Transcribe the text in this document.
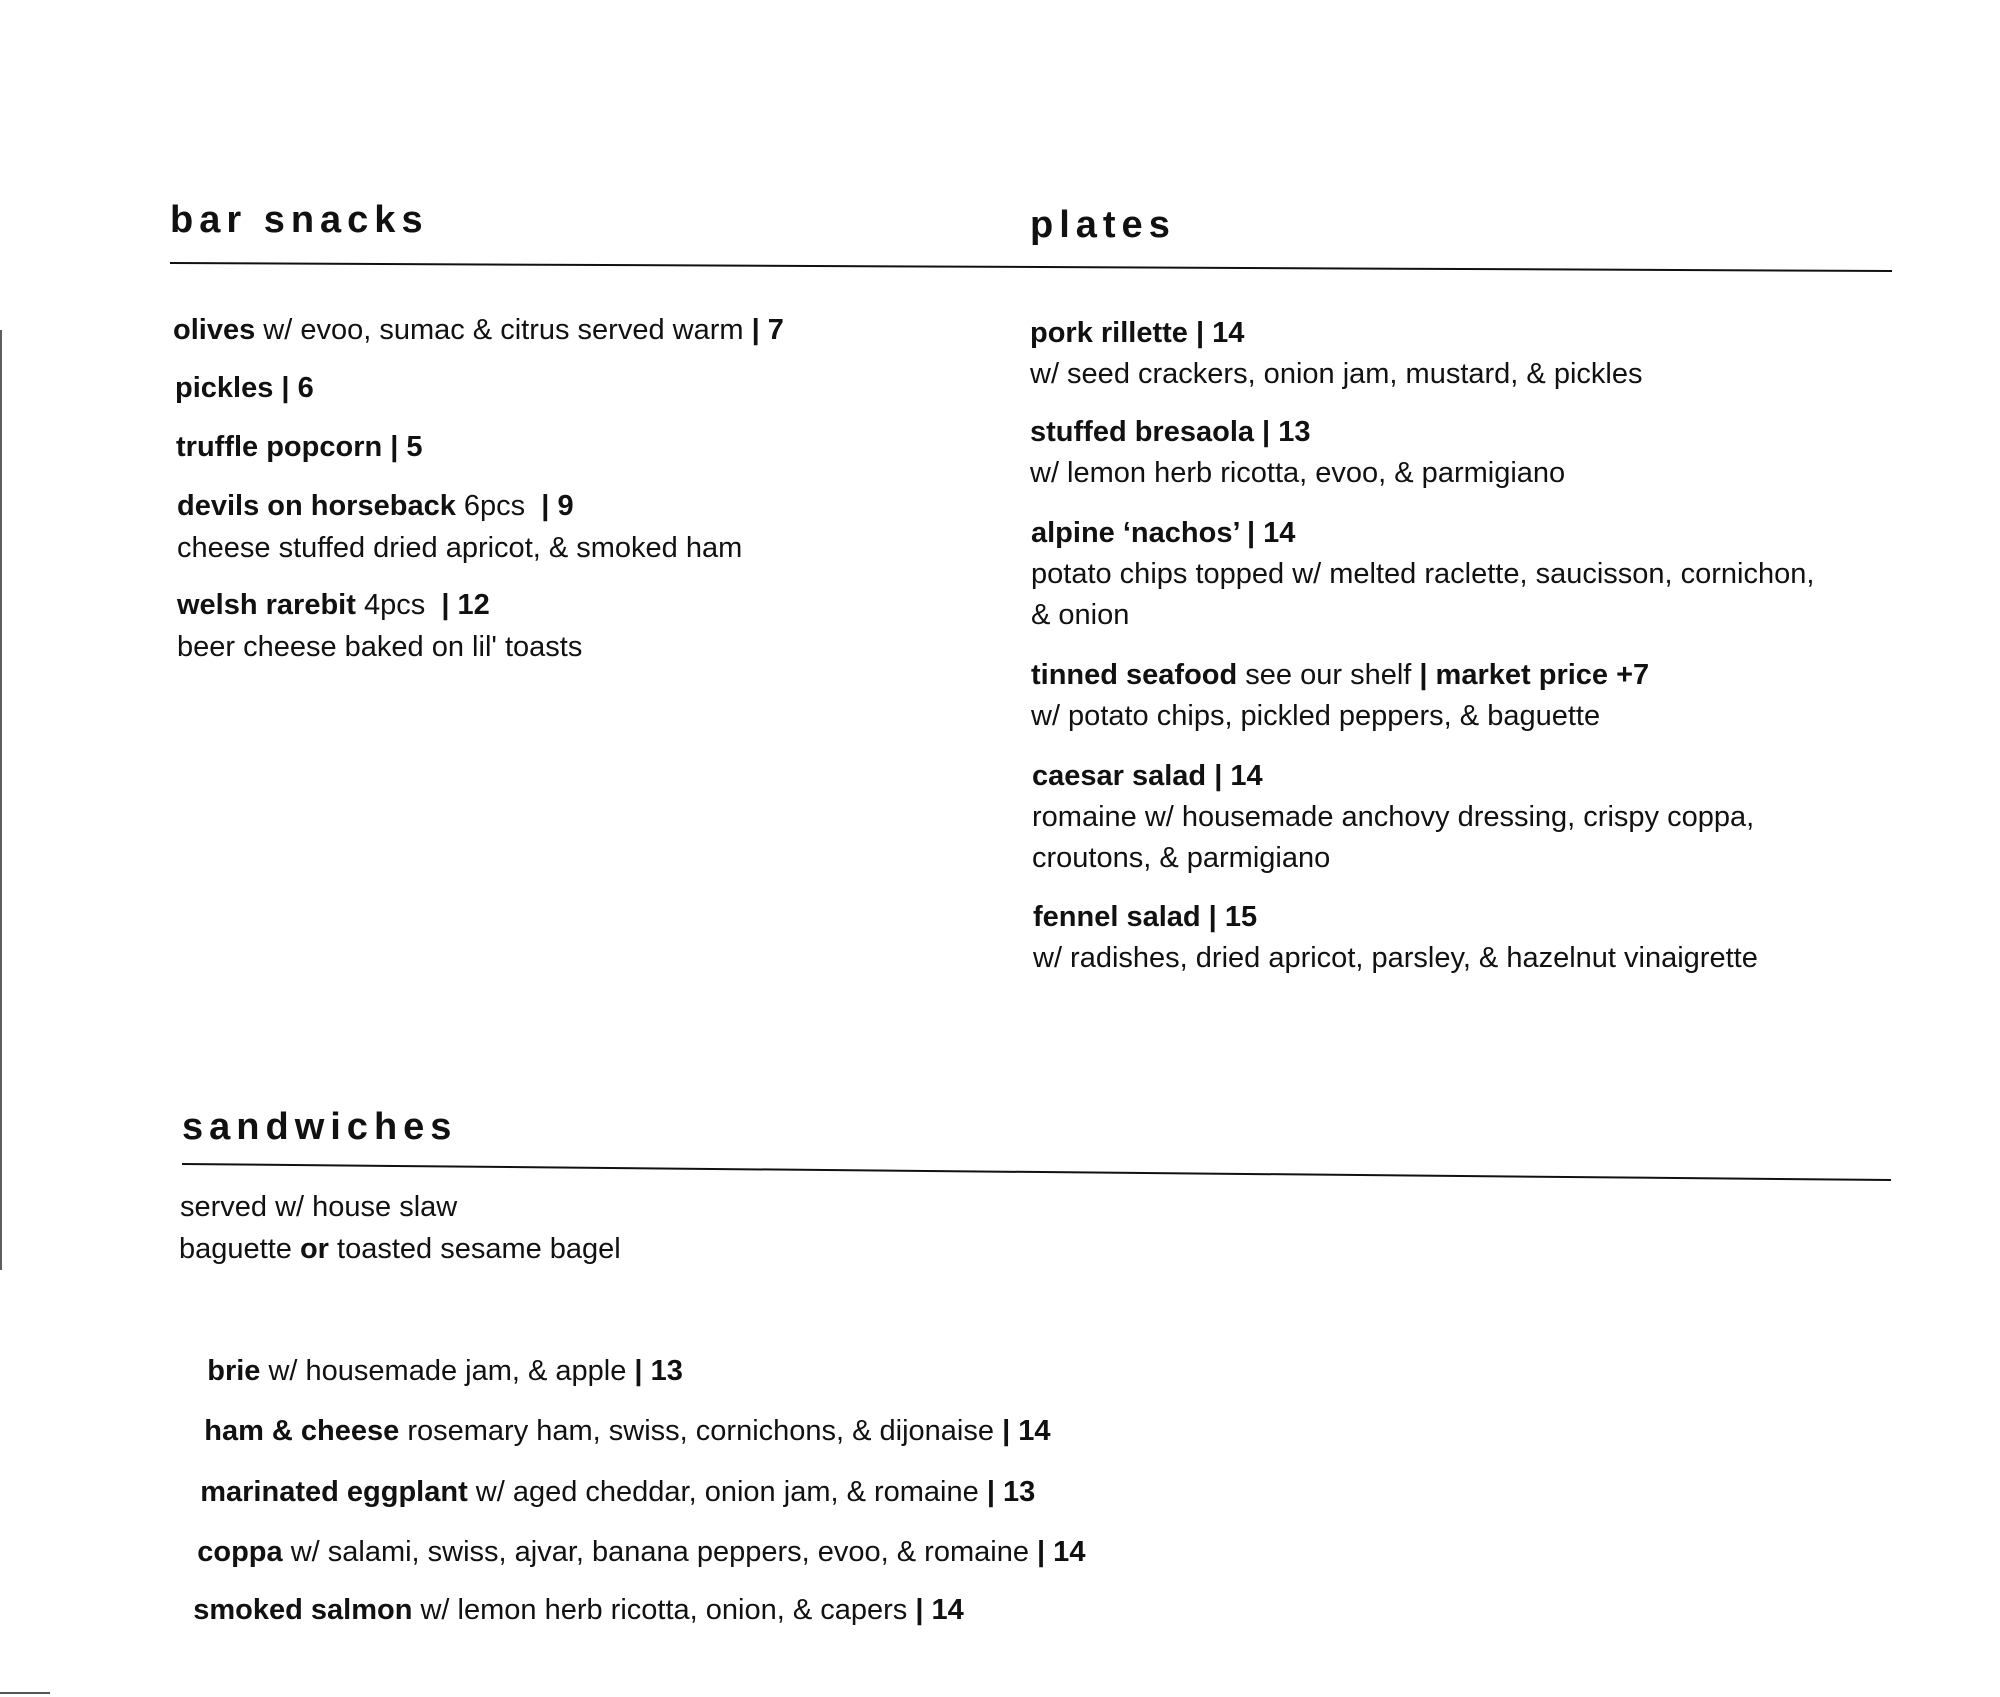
bar snacks
olives w/ evoo, sumac & citrus served warm | 7
pickles | 6
truffle popcorn | 5
devils on horseback 6pcs  | 9
cheese stuffed dried apricot, & smoked ham
welsh rarebit 4pcs  | 12
beer cheese baked on lil' toasts
plates
pork rillette | 14
w/ seed crackers, onion jam, mustard, & pickles
stuffed bresaola | 13
w/ lemon herb ricotta, evoo, & parmigiano
alpine ‘nachos’ | 14
potato chips topped w/ melted raclette, saucisson, cornichon,
& onion
tinned seafood see our shelf | market price +7
w/ potato chips, pickled peppers, & baguette
caesar salad | 14
romaine w/ housemade anchovy dressing, crispy coppa,
croutons, & parmigiano
fennel salad | 15
w/ radishes, dried apricot, parsley, & hazelnut vinaigrette
sandwiches
served w/ house slaw
baguette or toasted sesame bagel

brie w/ housemade jam, & apple | 13

ham & cheese rosemary ham, swiss, cornichons, & dijonaise | 14

marinated eggplant w/ aged cheddar, onion jam, & romaine | 13

coppa w/ salami, swiss, ajvar, banana peppers, evoo, & romaine | 14

smoked salmon w/ lemon herb ricotta, onion, & capers | 14
